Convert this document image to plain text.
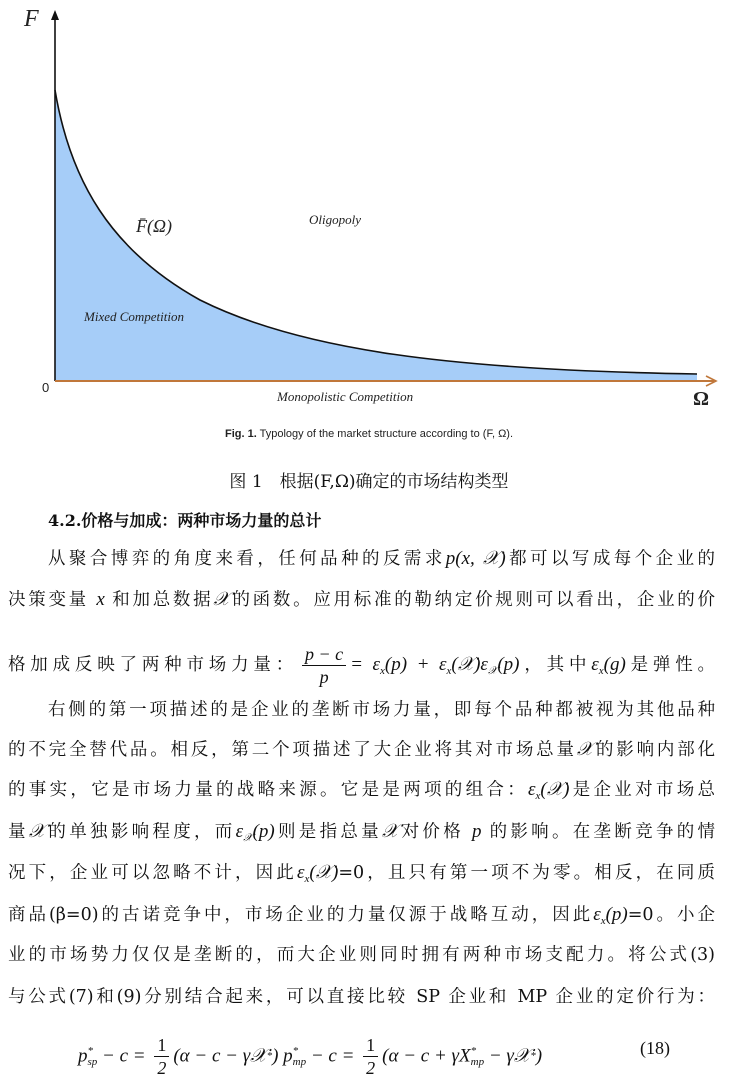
F
Ω
0
F̄(Ω)	Oligopoly
Mixed Competition
Monopolistic Competition
Fig. 1. Typology of the market structure according to (F, Ω).
图 1　根据(F,Ω)确定的市场结构类型
4.2.价格与加成：两种市场力量的总计
从聚合博弈的角度来看，任何品种的反需求p(x, 𝒳)都可以写成每个企业的
决策变量 x 和加总数据𝒳的函数。应用标准的勒纳定价规则可以看出，企业的价
格加成反映了两种市场力量： $\frac{p - c}{p} = \varepsilon_x(p)$ + $\varepsilon_x(𝒳)\varepsilon_𝒳(p)$，其中$\varepsilon_x(g)$是弹性。
右侧的第一项描述的是企业的垄断市场力量，即每个品种都被视为其他品种
的不完全替代品。相反，第二个项描述了大企业将其对市场总量𝒳的影响内部化
的事实，它是市场力量的战略来源。它是是两项的组合：$\varepsilon_x(𝒳)$是企业对市场总
量𝒳的单独影响程度，而$\varepsilon_𝒳(p)$则是指总量𝒳对价格 p 的影响。在垄断竞争的情
况下，企业可以忽略不计，因此$\varepsilon_x(𝒳)=0$，且只有第一项不为零。相反，在同质
商品(β=0)的古诺竞争中，市场企业的力量仅源于战略互动，因此$\varepsilon_x(p)=0$。小企
业的市场势力仅仅是垄断的，而大企业则同时拥有两种市场支配力。将公式(3)
与公式(7)和(9)分别结合起来，可以直接比较 SP 企业和 MP 企业的定价行为：
p *
sp − $c = \frac{1}{2} (\alpha - c$ − γ𝒳 * ) p *
mp − $c = \frac{1}{2} (\alpha - c + \gamma X$ *
mp − γ𝒳 * )	(18)
